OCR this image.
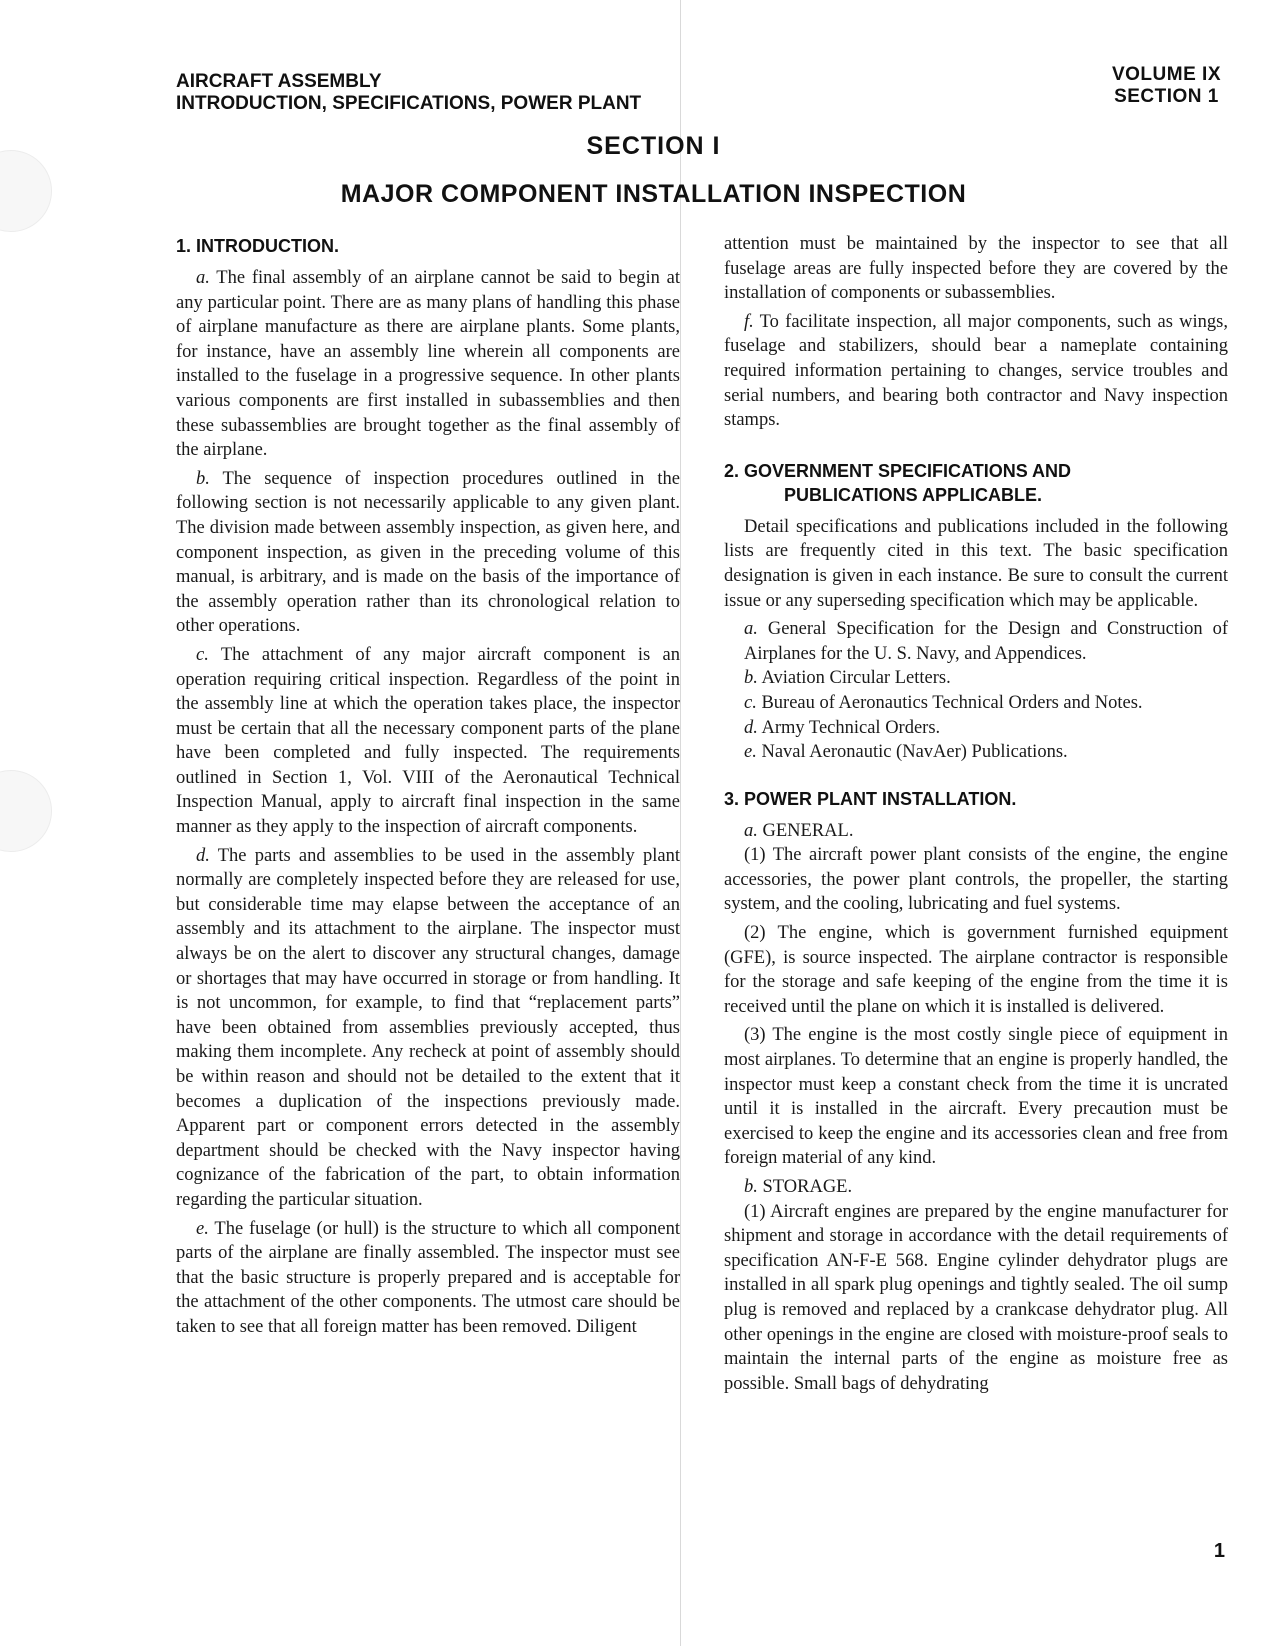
AIRCRAFT ASSEMBLY
INTRODUCTION, SPECIFICATIONS, POWER PLANT
VOLUME IX
SECTION 1
SECTION I
MAJOR COMPONENT INSTALLATION INSPECTION
1. INTRODUCTION.

a. The final assembly of an airplane cannot be said to begin at any particular point. There are as many plans of handling this phase of airplane manufacture as there are airplane plants. Some plants, for instance, have an assembly line wherein all components are installed to the fuselage in a progressive sequence. In other plants various components are first installed in subassemblies and then these subassemblies are brought together as the final assembly of the airplane.

b. The sequence of inspection procedures outlined in the following section is not necessarily applicable to any given plant. The division made between assembly inspection, as given here, and component inspection, as given in the preceding volume of this manual, is arbitrary, and is made on the basis of the importance of the assembly operation rather than its chronological relation to other operations.

c. The attachment of any major aircraft component is an operation requiring critical inspection. Regardless of the point in the assembly line at which the operation takes place, the inspector must be certain that all the necessary component parts of the plane have been completed and fully inspected. The requirements outlined in Section 1, Vol. VIII of the Aeronautical Technical Inspection Manual, apply to aircraft final inspection in the same manner as they apply to the inspection of aircraft components.

d. The parts and assemblies to be used in the assembly plant normally are completely inspected before they are released for use, but considerable time may elapse between the acceptance of an assembly and its attachment to the airplane. The inspector must always be on the alert to discover any structural changes, damage or shortages that may have occurred in storage or from handling. It is not uncommon, for example, to find that “replacement parts” have been obtained from assemblies previously accepted, thus making them incomplete. Any recheck at point of assembly should be within reason and should not be detailed to the extent that it becomes a duplication of the inspections previously made. Apparent part or component errors detected in the assembly department should be checked with the Navy inspector having cognizance of the fabrication of the part, to obtain information regarding the particular situation.

e. The fuselage (or hull) is the structure to which all component parts of the airplane are finally assembled. The inspector must see that the basic structure is properly prepared and is acceptable for the attachment of the other components. The utmost care should be taken to see that all foreign matter has been removed. Diligent

attention must be maintained by the inspector to see that all fuselage areas are fully inspected before they are covered by the installation of components or subassemblies.

f. To facilitate inspection, all major components, such as wings, fuselage and stabilizers, should bear a nameplate containing required information pertaining to changes, service troubles and serial numbers, and bearing both contractor and Navy inspection stamps.

2. GOVERNMENT SPECIFICATIONS AND
PUBLICATIONS APPLICABLE.

Detail specifications and publications included in the following lists are frequently cited in this text. The basic specification designation is given in each instance. Be sure to consult the current issue or any superseding specification which may be applicable.

a. General Specification for the Design and Construction of Airplanes for the U. S. Navy, and Appendices.

b. Aviation Circular Letters.

c. Bureau of Aeronautics Technical Orders and Notes.

d. Army Technical Orders.

e. Naval Aeronautic (NavAer) Publications.

3. POWER PLANT INSTALLATION.

a. GENERAL.

(1) The aircraft power plant consists of the engine, the engine accessories, the power plant controls, the propeller, the starting system, and the cooling, lubricating and fuel systems.

(2) The engine, which is government furnished equipment (GFE), is source inspected. The airplane contractor is responsible for the storage and safe keeping of the engine from the time it is received until the plane on which it is installed is delivered.

(3) The engine is the most costly single piece of equipment in most airplanes. To determine that an engine is properly handled, the inspector must keep a constant check from the time it is uncrated until it is installed in the aircraft. Every precaution must be exercised to keep the engine and its accessories clean and free from foreign material of any kind.

b. STORAGE.

(1) Aircraft engines are prepared by the engine manufacturer for shipment and storage in accordance with the detail requirements of specification AN-F-E 568. Engine cylinder dehydrator plugs are installed in all spark plug openings and tightly sealed. The oil sump plug is removed and replaced by a crankcase dehydrator plug. All other openings in the engine are closed with moisture-proof seals to maintain the internal parts of the engine as moisture free as possible. Small bags of dehydrating

1
